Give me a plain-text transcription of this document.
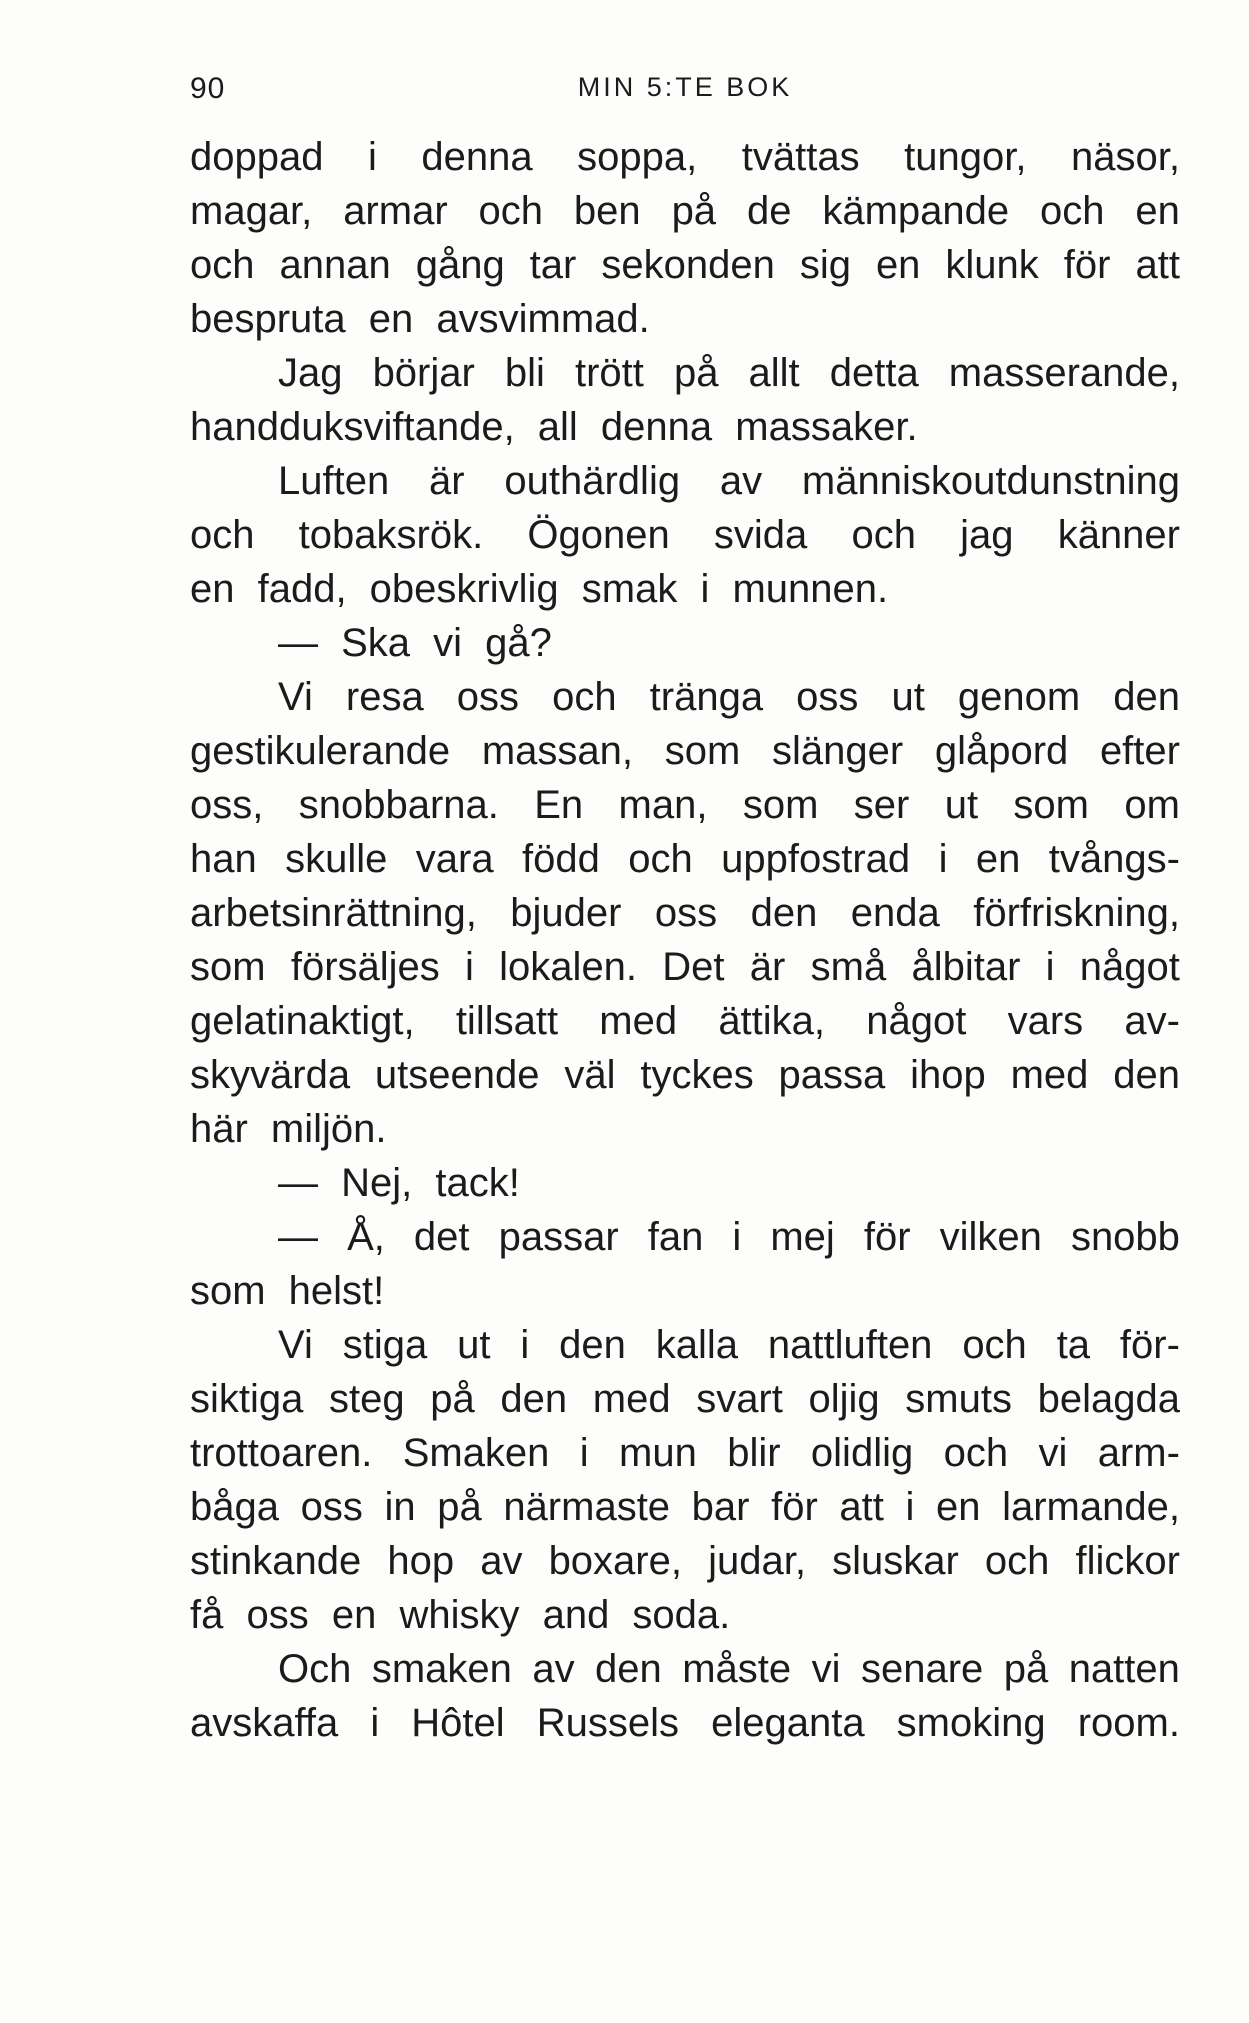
90	MIN 5:TE BOK
doppad i denna soppa, tvättas tungor, näsor,
magar, armar och ben på de kämpande och en
och annan gång tar sekonden sig en klunk för att
bespruta en avsvimmad.
Jag börjar bli trött på allt detta masserande,
handduksviftande, all denna massaker.
Luften är outhärdlig av människoutdunstning
och tobaksrök. Ögonen svida och jag känner
en fadd, obeskrivlig smak i munnen.
— Ska vi gå?
Vi resa oss och tränga oss ut genom den
gestikulerande massan, som slänger glåpord efter
oss, snobbarna. En man, som ser ut som om
han skulle vara född och uppfostrad i en tvångs-
arbetsinrättning, bjuder oss den enda förfriskning,
som försäljes i lokalen. Det är små ålbitar i något
gelatinaktigt, tillsatt med ättika, något vars av-
skyvärda utseende väl tyckes passa ihop med den
här miljön.
— Nej, tack!
— Å, det passar fan i mej för vilken snobb
som helst!
Vi stiga ut i den kalla nattluften och ta för-
siktiga steg på den med svart oljig smuts belagda
trottoaren. Smaken i mun blir olidlig och vi arm-
båga oss in på närmaste bar för att i en larmande,
stinkande hop av boxare, judar, sluskar och flickor
få oss en whisky and soda.
Och smaken av den måste vi senare på natten
avskaffa i Hôtel Russels eleganta smoking room.
